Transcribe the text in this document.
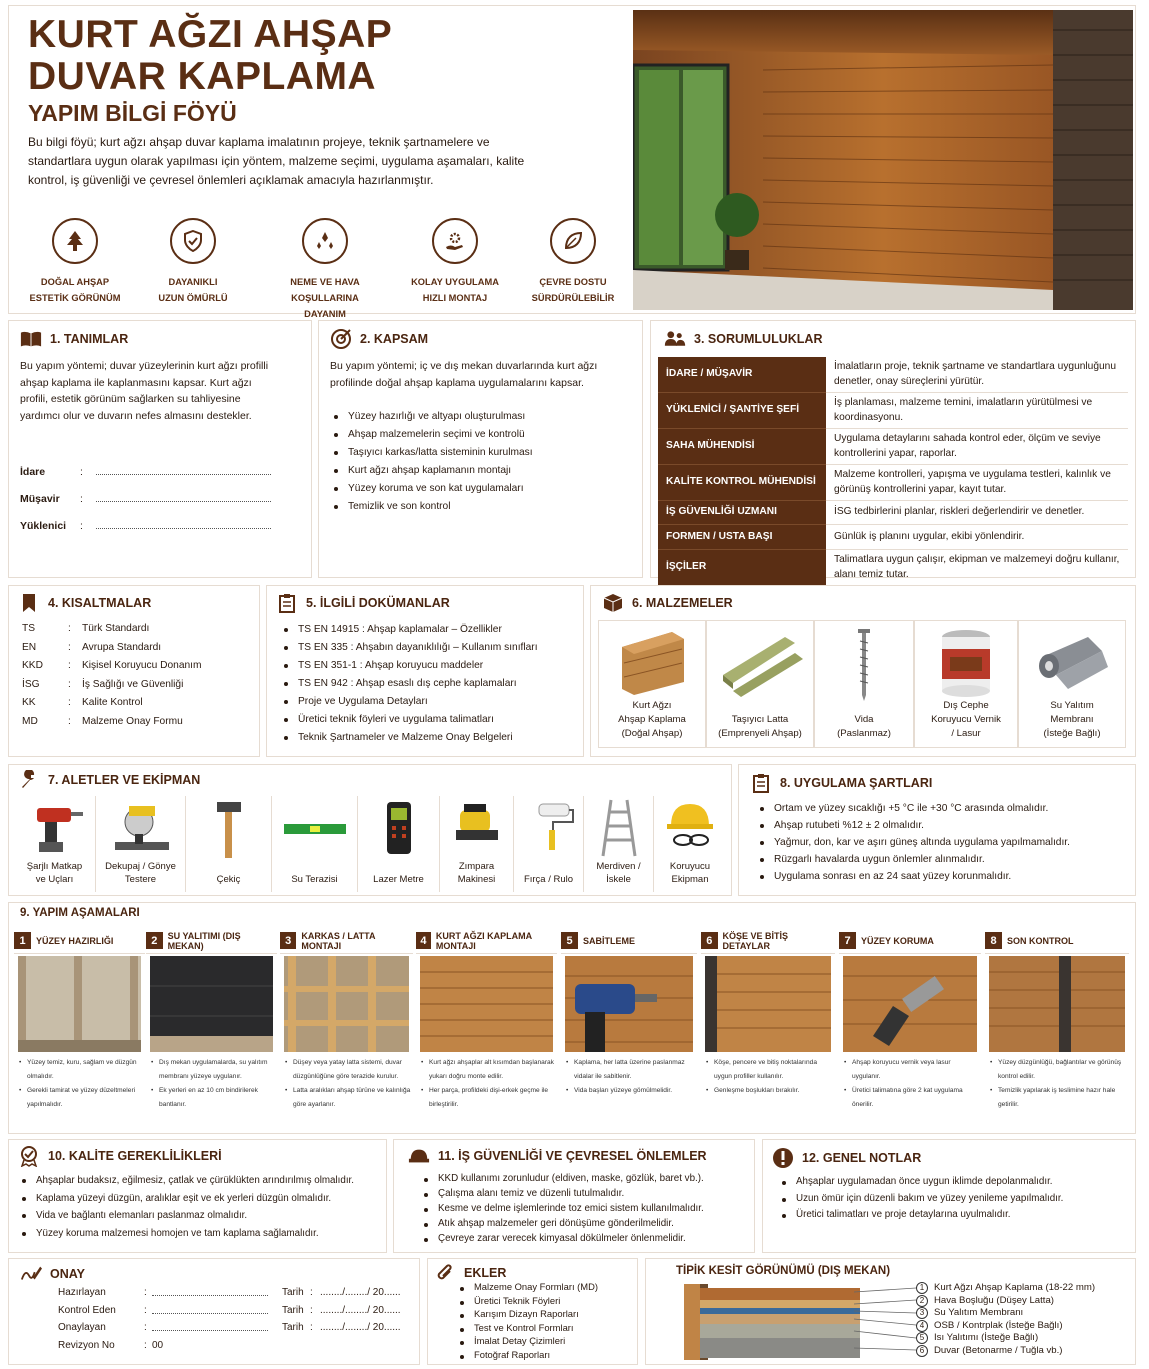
KURT AĞZI AHŞAP
DUVAR KAPLAMA
YAPIM BİLGİ FÖYÜ
Bu bilgi föyü; kurt ağzı ahşap duvar kaplama imalatının projeye, teknik şartnamelere ve standartlara uygun olarak yapılması için yöntem, malzeme seçimi, uygulama aşamaları, kalite kontrol, iş güvenliği ve çevresel önlemleri açıklamak amacıyla hazırlanmıştır.
DOĞAL AHŞAP
ESTETİK GÖRÜNÜM
DAYANIKLI
UZUN ÖMÜRLÜ
NEME VE HAVA
KOŞULLARINA DAYANIM
KOLAY UYGULAMA
HIZLI MONTAJ
ÇEVRE DOSTU
SÜRDÜRÜLEBİLİR
1. TANIMLAR
Bu yapım yöntemi; duvar yüzeylerinin kurt ağzı profilli ahşap kaplama ile kaplanmasını kapsar. Kurt ağzı profili, estetik görünüm sağlarken su tahliyesine yardımcı olur ve duvarın nefes almasını destekler.
İdare	:
Müşavir :
Yüklenici :
2. KAPSAM
Bu yapım yöntemi; iç ve dış mekan duvarlarında kurt ağzı profilinde doğal ahşap kaplama uygulamalarını kapsar.
Yüzey hazırlığı ve altyapı oluşturulması
Ahşap malzemelerin seçimi ve kontrolü
Taşıyıcı karkas/latta sisteminin kurulması
Kurt ağzı ahşap kaplamanın montajı
Yüzey koruma ve son kat uygulamaları
Temizlik ve son kontrol
3. SORUMLULUKLAR
İDARE / MÜŞAVİR	İmalatların proje, teknik şartname ve standartlara uygunluğunu denetler, onay süreçlerini yürütür.
YÜKLENİCİ / ŞANTİYE ŞEFİ	İş planlaması, malzeme temini, imalatların yürütülmesi ve koordinasyonu.
SAHA MÜHENDİSİ	Uygulama detaylarını sahada kontrol eder, ölçüm ve seviye kontrollerini yapar, raporlar.
KALİTE KONTROL MÜHENDİSİ	Malzeme kontrolleri, yapışma ve uygulama testleri, kalınlık ve görünüş kontrollerini yapar, kayıt tutar.
İŞ GÜVENLİĞİ UZMANI	İSG tedbirlerini planlar, riskleri değerlendirir ve denetler.
FORMEN / USTA BAŞI	Günlük iş planını uygular, ekibi yönlendirir.
İŞÇİLER	Talimatlara uygun çalışır, ekipman ve malzemeyi doğru kullanır, alanı temiz tutar.
4. KISALTMALAR
TS	:	Türk Standardı
EN	:	Avrupa Standardı
KKD	:	Kişisel Koruyucu Donanım
İSG	:	İş Sağlığı ve Güvenliği
KK	:	Kalite Kontrol
MD	:	Malzeme Onay Formu
5. İLGİLİ DOKÜMANLAR
TS EN 14915 : Ahşap kaplamalar – Özellikler
TS EN 335 : Ahşabın dayanıklılığı – Kullanım sınıfları
TS EN 351-1 : Ahşap koruyucu maddeler
TS EN 942 : Ahşap esaslı dış cephe kaplamaları
Proje ve Uygulama Detayları
Üretici teknik föyleri ve uygulama talimatları
Teknik Şartnameler ve Malzeme Onay Belgeleri
6. MALZEMELER
Kurt Ağzı
Ahşap Kaplama
(Doğal Ahşap)
Taşıyıcı Latta
(Emprenyeli Ahşap)
Vida
(Paslanmaz)
Dış Cephe
Koruyucu Vernik
/ Lasur
Su Yalıtım
Membranı
(İsteğe Bağlı)
7. ALETLER VE EKİPMAN
Şarjlı Matkap
ve Uçları
Dekupaj / Gönye
Testere	Çekiç	Su Terazisi	Lazer Metre
Zımpara
Makinesi	Fırça / Rulo
Merdiven / İskele
Koruyucu
Ekipman
8. UYGULAMA ŞARTLARI
Ortam ve yüzey sıcaklığı +5 °C ile +30 °C arasında olmalıdır.
Ahşap rutubeti %12 ± 2 olmalıdır.
Yağmur, don, kar ve aşırı güneş altında uygulama yapılmamalıdır.
Rüzgarlı havalarda uygun önlemler alınmalıdır.
Uygulama sonrası en az 24 saat yüzey korunmalıdır.
9. YAPIM AŞAMALARI
1	YÜZEY HAZIRLIĞI
• Yüzey temiz, kuru, sağlam ve düzgün olmalıdır.
• Gerekli tamirat ve yüzey düzeltmeleri yapılmalıdır.
2	SU YALITIMI (DIŞ MEKAN)
• Dış mekan uygulamalarda, su yalıtım membranı yüzeye uygulanır.
• Ek yerleri en az 10 cm bindirilerek bantlanır.
3	KARKAS / LATTA MONTAJI
• Düşey veya yatay latta sistemi, duvar düzgünlüğüne göre terazide kurulur.
• Latta aralıkları ahşap türüne ve kalınlığa göre ayarlanır.
4	KURT AĞZI KAPLAMA MONTAJI
• Kurt ağzı ahşaplar alt kısımdan başlanarak yukarı doğru monte edilir.
• Her parça, profildeki dişi-erkek geçme ile birleştirilir.
5	SABİTLEME
• Kaplama, her latta üzerine paslanmaz vidalar ile sabitlenir.
• Vida başları yüzeye gömülmelidir.
6	KÖŞE VE BİTİŞ DETAYLAR
• Köşe, pencere ve bitiş noktalarında uygun profiller kullanılır.
• Genleşme boşlukları bırakılır.
7	YÜZEY KORUMA
• Ahşap koruyucu vernik veya lasur uygulanır.
• Üretici talimatına göre 2 kat uygulama önerilir.
8	SON KONTROL
• Yüzey düzgünlüğü, bağlantılar ve görünüş kontrol edilir.
• Temizlik yapılarak iş teslimine hazır hale getirilir.
10. KALİTE GEREKLİLİKLERİ
Ahşaplar budaksız, eğilmesiz, çatlak ve çürüklükten arındırılmış olmalıdır.
Kaplama yüzeyi düzgün, aralıklar eşit ve ek yerleri düzgün olmalıdır.
Vida ve bağlantı elemanları paslanmaz olmalıdır.
Yüzey koruma malzemesi homojen ve tam kaplama sağlamalıdır.
11. İŞ GÜVENLİĞİ VE ÇEVRESEL ÖNLEMLER
KKD kullanımı zorunludur (eldiven, maske, gözlük, baret vb.).
Çalışma alanı temiz ve düzenli tutulmalıdır.
Kesme ve delme işlemlerinde toz emici sistem kullanılmalıdır.
Atık ahşap malzemeler geri dönüşüme gönderilmelidir.
Çevreye zarar verecek kimyasal dökülmeler önlenmelidir.
12. GENEL NOTLAR
Ahşaplar uygulamadan önce uygun iklimde depolanmalıdır.
Uzun ömür için düzenli bakım ve yüzey yenileme yapılmalıdır.
Üretici talimatları ve proje detaylarına uyulmalıdır.
ONAY
Hazırlayan	:	Tarih : ......../......../ 20......
Kontrol Eden	:	Tarih : ......../......../ 20......
Onaylayan	:	Tarih : ......../......../ 20......
Revizyon No	: 00
EKLER
Malzeme Onay Formları (MD)
Üretici Teknik Föyleri
Karışım Dizayn Raporları
Test ve Kontrol Formları
İmalat Detay Çizimleri
Fotoğraf Raporları
TİPİK KESİT GÖRÜNÜMÜ (DIŞ MEKAN)
1	Kurt Ağzı Ahşap Kaplama (18-22 mm)
2	Hava Boşluğu (Düşey Latta)
3	Su Yalıtım Membranı
4	OSB / Kontrplak (İsteğe Bağlı)
5	Isı Yalıtımı (İsteğe Bağlı)
6	Duvar (Betonarme / Tuğla vb.)
